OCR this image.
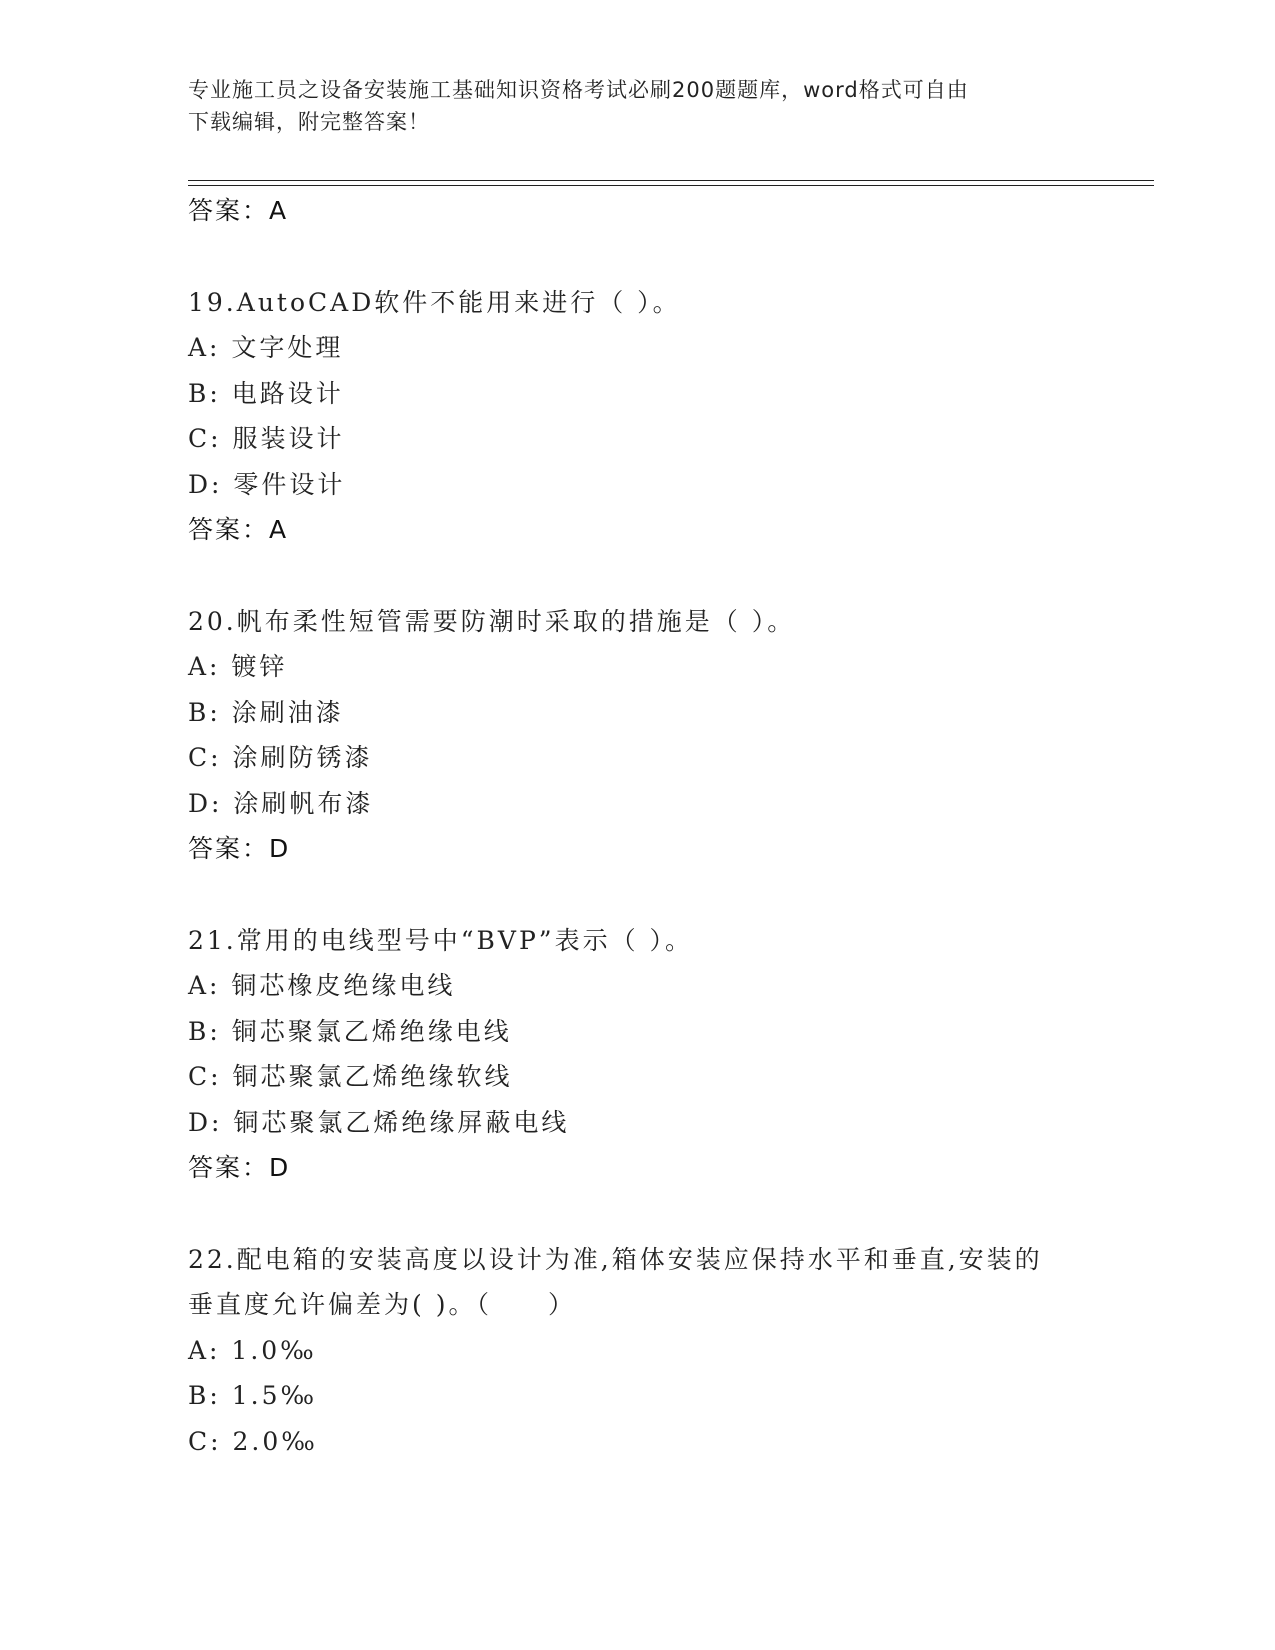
专业施工员之设备安装施工基础知识资格考试必刷200题题库，word格式可自由
下载编辑，附完整答案！
答案：A
19.AutoCAD软件不能用来进行（ ）。
A: 文字处理
B: 电路设计
C: 服装设计
D: 零件设计
答案：A
20.帆布柔性短管需要防潮时采取的措施是（ ）。
A: 镀锌
B: 涂刷油漆
C: 涂刷防锈漆
D: 涂刷帆布漆
答案：D
21.常用的电线型号中“BVP”表示（ ）。
A: 铜芯橡皮绝缘电线
B: 铜芯聚氯乙烯绝缘电线
C: 铜芯聚氯乙烯绝缘软线
D: 铜芯聚氯乙烯绝缘屏蔽电线
答案：D
22.配电箱的安装高度以设计为准,箱体安装应保持水平和垂直,安装的
垂直度允许偏差为( )。（　　）
A: 1.0‰
B: 1.5‰
C: 2.0‰
